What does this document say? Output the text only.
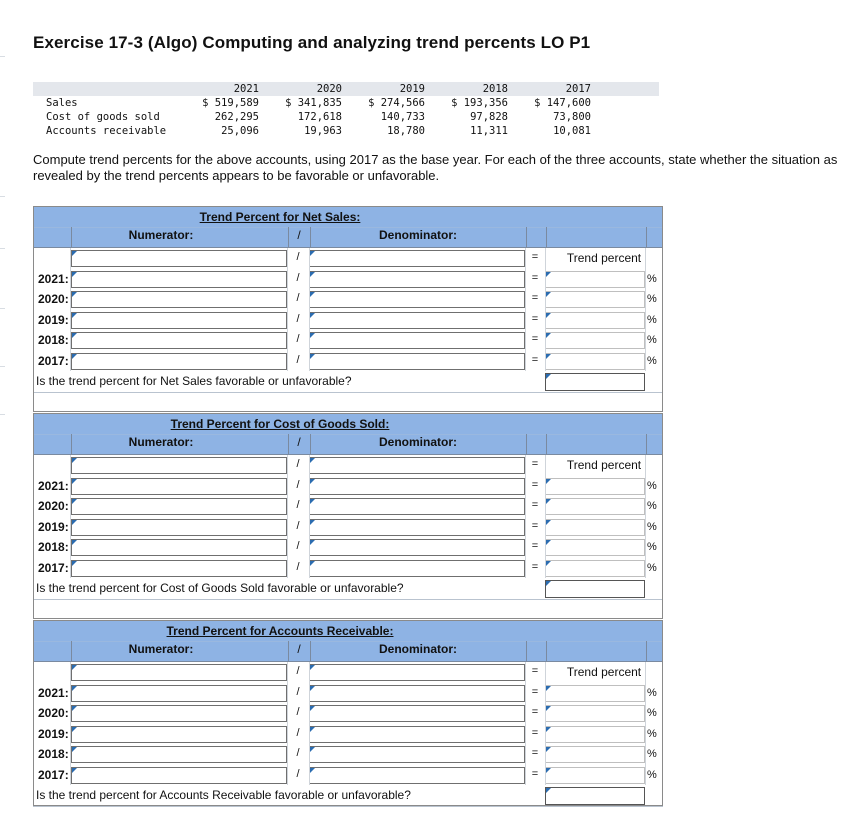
Exercise 17-3 (Algo) Computing and analyzing trend percents LO P1
	2021	2020	2019	2018	2017	
Sales	$ 519,589	$ 341,835	$ 274,566	$ 193,356	$ 147,600	
Cost of goods sold	262,295	172,618	140,733	97,828	73,800	
Accounts receivable	25,096	19,963	18,780	11,311	10,081	

Compute trend percents for the above accounts, using 2017 as the base year. For each of the three accounts, state whether the situation as revealed by the trend percents appears to be favorable or unfavorable.

Trend Percent for Net Sales:
Numerator:	/	Denominator:
/	=	Trend percent
2021:	/	=	%
2020:	/	=	%
2019:	/	=	%
2018:	/	=	%
2017:	/	=	%
Is the trend percent for Net Sales favorable or unfavorable?
Trend Percent for Cost of Goods Sold:
Numerator:	/	Denominator:
/	=	Trend percent
2021:	/	=	%
2020:	/	=	%
2019:	/	=	%
2018:	/	=	%
2017:	/	=	%
Is the trend percent for Cost of Goods Sold favorable or unfavorable?
Trend Percent for Accounts Receivable:
Numerator:	/	Denominator:
/	=	Trend percent
2021:	/	=	%
2020:	/	=	%
2019:	/	=	%
2018:	/	=	%
2017:	/	=	%
Is the trend percent for Accounts Receivable favorable or unfavorable?
